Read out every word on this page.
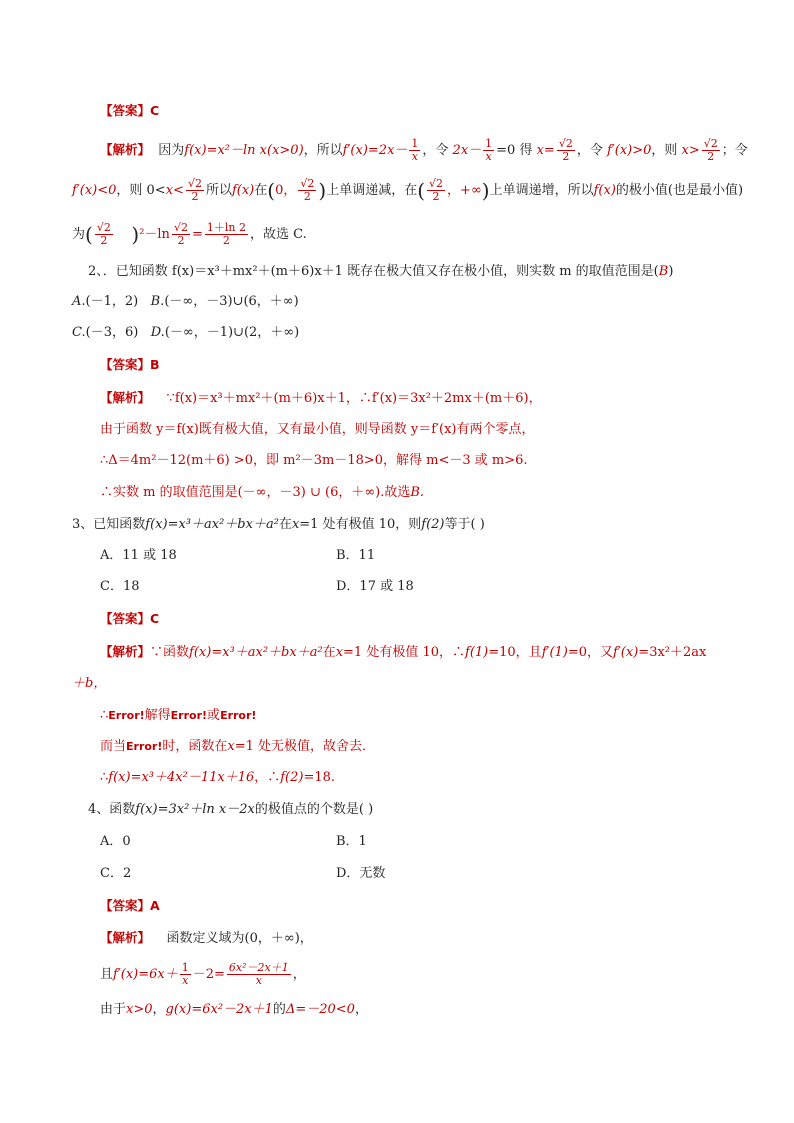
【答案】C
【解析】 因为f(x)=x²－ln x(x>0)，所以$f'(x)=2x- \frac{1}{x}$ ，令 $2x- \frac{1}{x} =0$ 得 $x= \frac{√2}{2}$ ，令 f′(x)>0，则 $x> \frac{√2}{2}$ ；令
f′(x)<0，则 $0<x< \frac{√2}{2}$ 所以f(x)在(0， $\frac{√2}{2}$ )上单调递减，在( $\frac{√2}{2}$ ，+∞)上单调递增，所以f(x)的极小值(也是最小值)
为( $\frac{√2}{2} )^2-\ln \frac{√2}{2} = \frac{1+\ln 2}{2}$ ，故选 C.
2、．已知函数 f(x)＝x³＋mx²＋(m＋6)x＋1 既存在极大值又存在极小值，则实数 m 的取值范围是(B)
A.(－1，2) B.(－∞，－3)∪(6，＋∞)
C.(－3，6) D.(－∞，－1)∪(2，＋∞)
【答案】B
【解析】 ∵f(x)＝x³＋mx²＋(m＋6)x＋1，∴f′(x)＝3x²＋2mx＋(m＋6)，
由于函数 y＝f(x)既有极大值，又有最小值，则导函数 y＝f′(x)有两个零点，
∴Δ＝4m²－12(m＋6) >0，即 m²－3m－18>0，解得 m<－3 或 m>6.
∴实数 m 的取值范围是(－∞，－3) ∪ (6，＋∞).故选B.
3、已知函数f(x)=x³＋ax²＋bx＋a²在x=1 处有极值 10，则f(2)等于( )
A．11 或 18	B．11
C．18	D．17 或 18
【答案】C
【解析】∵函数f(x)=x³＋ax²＋bx＋a²在x=1 处有极值 10，∴f(1)=10，且f′(1)=0，又f′(x)=3x²＋2ax
＋b，
∴Error!解得Error!或Error!
而当Error!时，函数在x=1 处无极值，故舍去．
∴f(x)=x³＋4x²－11x＋16，∴f(2)=18.
4、函数f(x)=3x²＋ln x－2x的极值点的个数是( )
A．0	B．1
C．2	D．无数
【答案】A
【解析】 函数定义域为(0，＋∞)，
且$f'(x)=6x+ \frac{1}{x} -2= \frac{\text{6x²－2x＋1}}{x}$ ，
由于x>0，g(x)=6x²－2x＋1的Δ=－20<0，
